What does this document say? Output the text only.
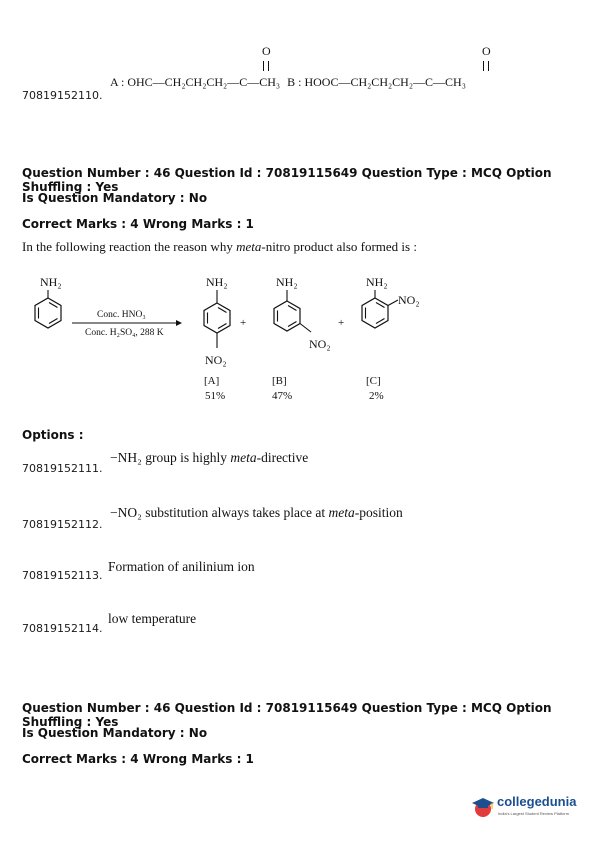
70819152110.
O	O
A : OHC—CH₂CH₂CH₂—C—CH₃ B : HOOC—CH₂CH₂CH₂—C—CH₃
Question Number : 46 Question Id : 70819115649 Question Type : MCQ Option Shuffling : Yes
Is Question Mandatory : No
Correct Marks : 4 Wrong Marks : 1
In the following reaction the reason why meta-nitro product also formed is :
NH₂
Conc. HNO₃
Conc. H₂SO₄, 288 K
NH₂
NO₂
[A]
51%
+
NH₂
NO₂
[B]
47%
+
NH₂
NO₂
[C]
2%
Options :
70819152111.
−NH₂ group is highly meta-directive
70819152112.
−NO₂ substitution always takes place at meta-position
70819152113.
Formation of anilinium ion
70819152114.
low temperature
Question Number : 46 Question Id : 70819115649 Question Type : MCQ Option Shuffling : Yes
Is Question Mandatory : No
Correct Marks : 4 Wrong Marks : 1
collegedunia
India's Largest Student Review Platform
